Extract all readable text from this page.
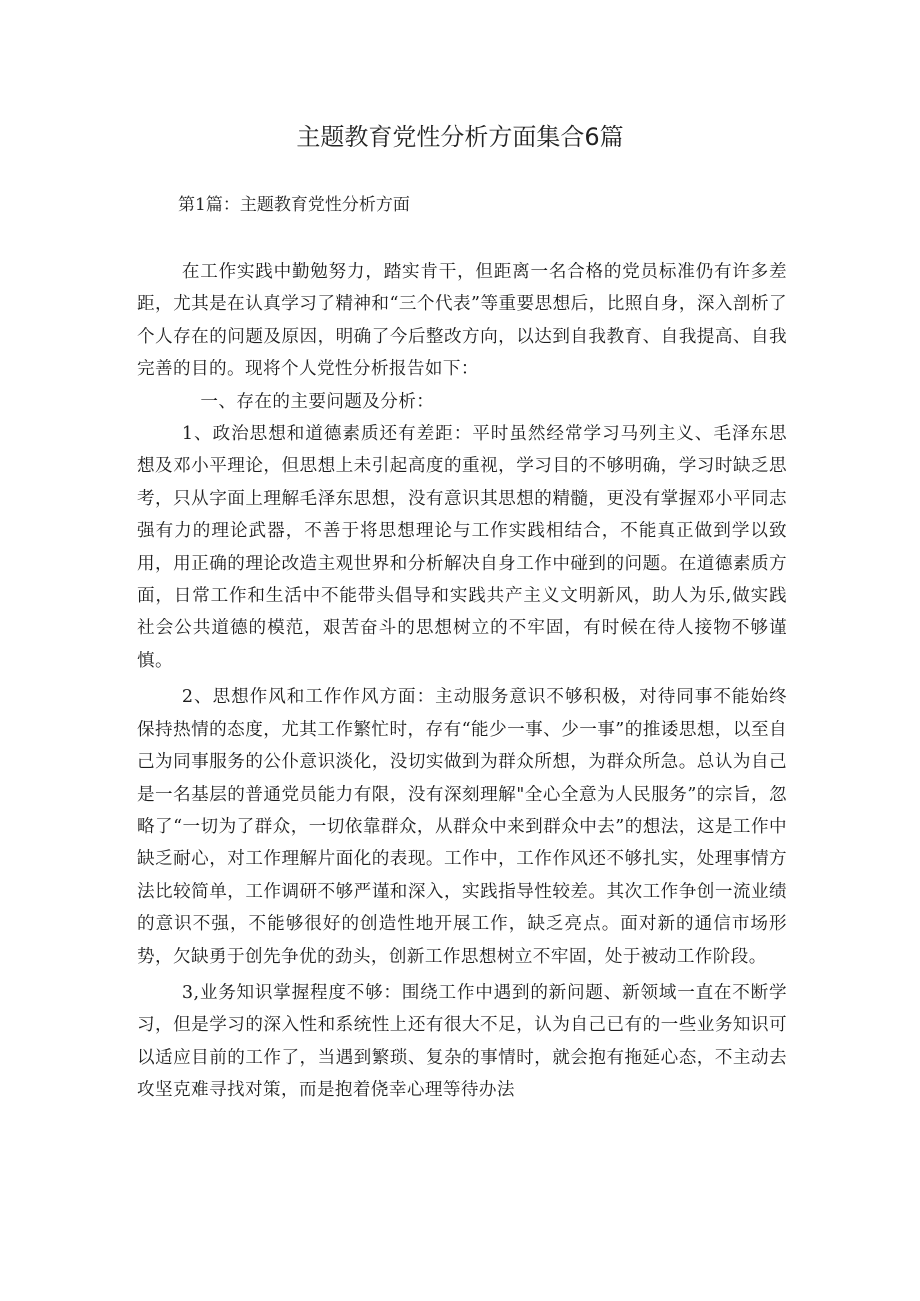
主题教育党性分析方面集合6篇
第1篇：主题教育党性分析方面

在工作实践中勤勉努力，踏实肯干，但距离一名合格的党员标准仍有许多差距，尤其是在认真学习了精神和“三个代表”等重要思想后，比照自身，深入剖析了个人存在的问题及原因，明确了今后整改方向，以达到自我教育、自我提高、自我完善的目的。现将个人党性分析报告如下：

一、存在的主要问题及分析：

1、政治思想和道德素质还有差距：平时虽然经常学习马列主义、毛泽东思想及邓小平理论，但思想上未引起高度的重视，学习目的不够明确，学习时缺乏思考，只从字面上理解毛泽东思想，没有意识其思想的精髓，更没有掌握邓小平同志强有力的理论武器，不善于将思想理论与工作实践相结合，不能真正做到学以致用，用正确的理论改造主观世界和分析解决自身工作中碰到的问题。在道德素质方面，日常工作和生活中不能带头倡导和实践共产主义文明新风，助人为乐,做实践社会公共道德的模范，艰苦奋斗的思想树立的不牢固，有时候在待人接物不够谨慎。

2、思想作风和工作作风方面：主动服务意识不够积极，对待同事不能始终保持热情的态度，尤其工作繁忙时，存有“能少一事、少一事”的推诿思想，以至自己为同事服务的公仆意识淡化，没切实做到为群众所想，为群众所急。总认为自己是一名基层的普通党员能力有限，没有深刻理解"全心全意为人民服务”的宗旨，忽略了“一切为了群众，一切依靠群众，从群众中来到群众中去”的想法，这是工作中缺乏耐心，对工作理解片面化的表现。工作中，工作作风还不够扎实，处理事情方法比较简单，工作调研不够严谨和深入，实践指导性较差。其次工作争创一流业绩的意识不强，不能够很好的创造性地开展工作，缺乏亮点。面对新的通信市场形势，欠缺勇于创先争优的劲头，创新工作思想树立不牢固，处于被动工作阶段。

3,业务知识掌握程度不够：围绕工作中遇到的新问题、新领域一直在不断学习，但是学习的深入性和系统性上还有很大不足，认为自己已有的一些业务知识可以适应目前的工作了，当遇到繁琐、复杂的事情时，就会抱有拖延心态，不主动去攻坚克难寻找对策，而是抱着侥幸心理等待办法
